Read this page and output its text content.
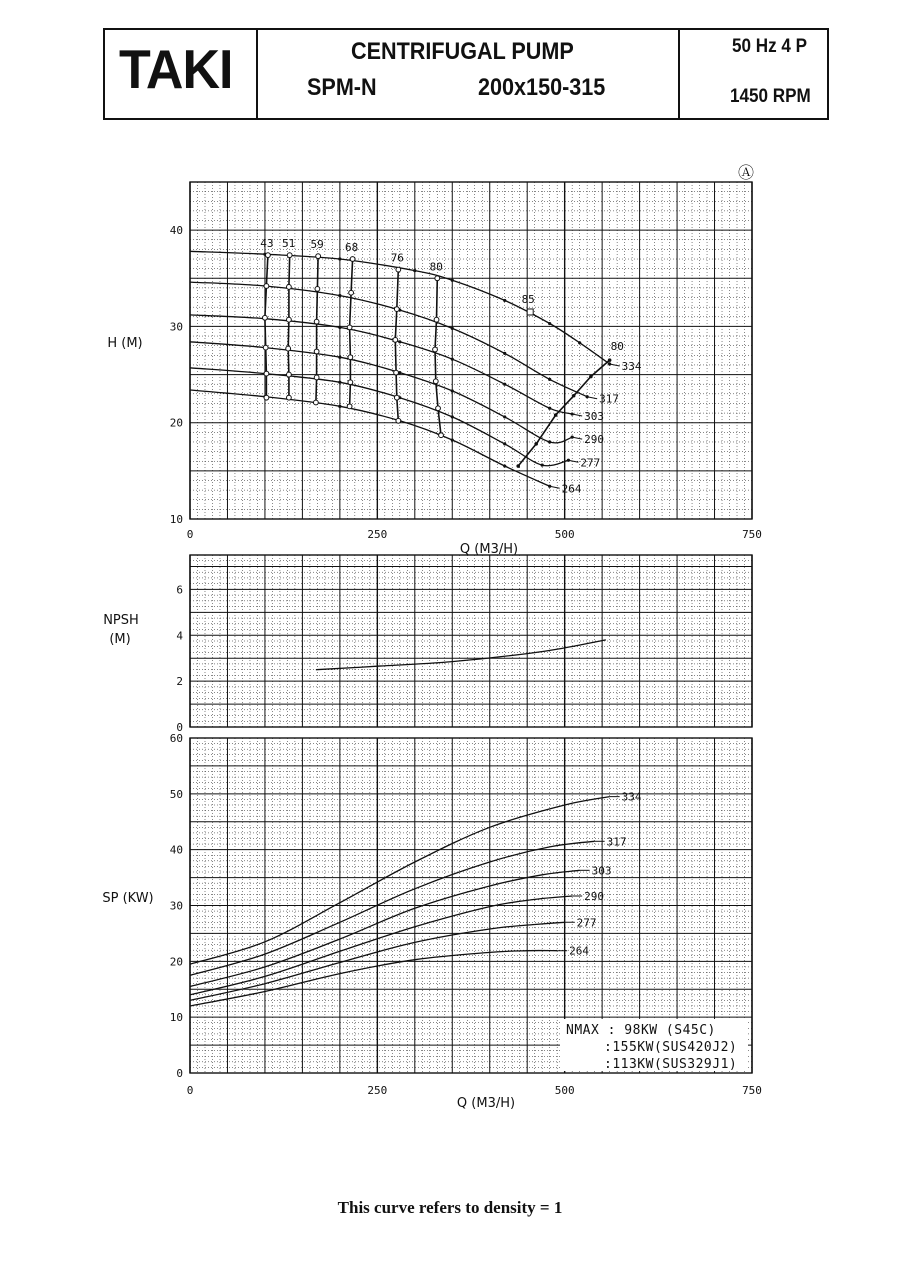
TAKI	CENTRIFUGAL PUMP
SPM-N	200x150-315
50 Hz 4 P
1450 RPM
10
20
30
40
0	250	500	750
H (M)
Q (M3/H)
334
317
303
290
277
264
43 51 59 68
76
80
85
80
0
2
4
6
NPSH
(M)
0
10
20
30
40
50
60
0	250	500	750
SP (KW)
Q (M3/H)
334
317
303
290
277
264
Ⓐ
NMAX : 98KW (S45C)
:155KW(SUS420J2)
:113KW(SUS329J1)
This curve refers to density = 1
